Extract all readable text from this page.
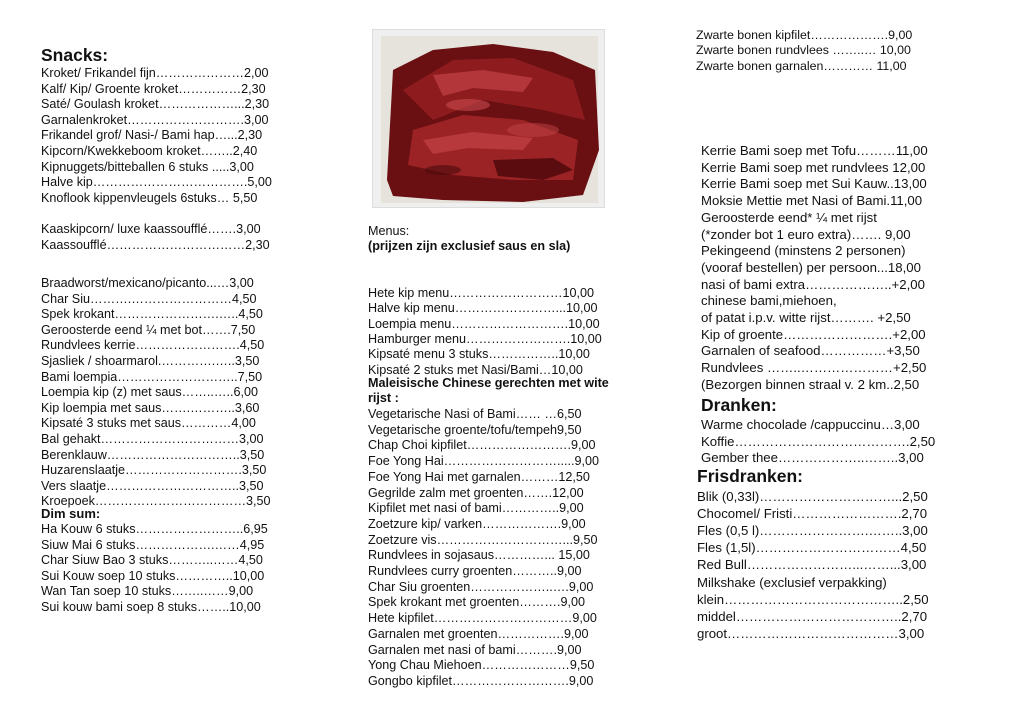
Snacks:
Kroket/ Frikandel fijn…………………2,00
Kalf/ Kip/ Groente kroket……………2,30
Saté/ Goulash kroket………………...2,30
Garnalenkroket……………………….3,00
Frikandel grof/ Nasi-/ Bami hap…...2,30
Kipcorn/Kwekkeboom kroket……..2,40
Kipnuggets/bitteballen 6 stuks .....3,00
Halve kip……………………………….5,00
Knoflook kippenvleugels 6stuks… 5,50
Kaaskipcorn/ luxe kaassoufflé…….3,00
Kaassoufflé……………………………2,30
Braadworst/mexicano/picanto...…3,00
Char Siu……….……………………4,50
Spek krokant…………………….…..4,50
Geroosterde eend ¼ met bot…….7,50
Rundvlees kerrie…………………….4,50
Sjasliek / shoarmarol.………….…..3,50
Bami loempia………………………..7,50
Loempia kip (z) met saus……..…..6,00
Kip loempia met saus…….………..3,60
Kipsaté 3 stuks met saus…………4,00
Bal gehakt……………………………3,00
Berenklauw…………………………..3,50
Huzarenslaatje……………………….3,50
Vers slaatje…………………………..3,50
Kroepoek………………………………3,50
Dim sum:
Ha Kouw 6 stuks……………………..6,95
Siuw Mai 6 stuks……………….……4,95
Char Siuw Bao 3 stuks………..……4,50
Sui Kouw soep 10 stuks…………..10,00
Wan Tan soep 10 stuks……..……9,00
Sui kouw bami soep 8 stuks……..10,00
Menus:
(prijzen zijn exclusief saus en sla)
Hete kip menu………………………10,00
Halve kip menu……………………...10,00
Loempia menu……………………….10,00
Hamburger menu…………………….10,00
Kipsaté menu 3 stuks……………..10,00
Kipsaté 2 stuks met Nasi/Bami…10,00
Maleisische Chinese gerechten met wite
rijst :
Vegetarische Nasi of Bami…… …6,50
Vegetarische groente/tofu/tempeh9,50
Chap Choi kipfilet…………………….9,00
Foe Yong Hai……………………….....9,00
Foe Yong Hai met garnalen………12,50
Gegrilde zalm met groenten…….12,00
Kipfilet met nasi of bami…………..9,00
Zoetzure kip/ varken……………….9,00
Zoetzure vis…………………………...9,50
Rundvlees in sojasaus…………... 15,00
Rundvlees curry groenten………..9,00
Char Siu groenten………………..….9,00
Spek krokant met groenten……….9,00
Hete kipfilet……………………………9,00
Garnalen met groenten…………….9,00
Garnalen met nasi of bami……….9,00
Yong Chau Miehoen…………………9,50
Gongbo kipfilet……………………….9,00
Zwarte bonen kipfilet……………….9,00
Zwarte bonen rundvlees ……..… 10,00
Zwarte bonen garnalen………… 11,00
Kerrie Bami soep met Tofu………11,00
Kerrie Bami soep met rundvlees 12,00
Kerrie Bami soep met Sui Kauw..13,00
Moksie Mettie met Nasi of Bami.11,00
Geroosterde eend* ¼ met rijst
(*zonder bot 1 euro extra)……. 9,00
Pekingeend (minstens 2 personen)
(vooraf bestellen) per persoon...18,00
nasi of bami extra………………..+2,00
chinese bami,miehoen,
of patat i.p.v. witte rijst………. +2,50
Kip of groente…………………….+2,00
Garnalen of seafood……………+3,50
Rundvlees ……..…………………+2,50
(Bezorgen binnen straal v. 2 km..2,50
Dranken:
Warme chocolade /cappuccinu…3,00
Koffie………………………………….2,50
Gember thee………………..……..3,00
Frisdranken:
Blik (0,33l)…………………………...2,50
Chocomel/ Fristi…………………….2,70
Fles (0,5 l)…………………….……..3,00
Fles (1,5l)……………………………4,50
Red Bull……………………...……...3,00
Milkshake (exclusief verpakking)
klein…………………………………..2,50
middel………………………………..2,70
groot…………………………………3,00
